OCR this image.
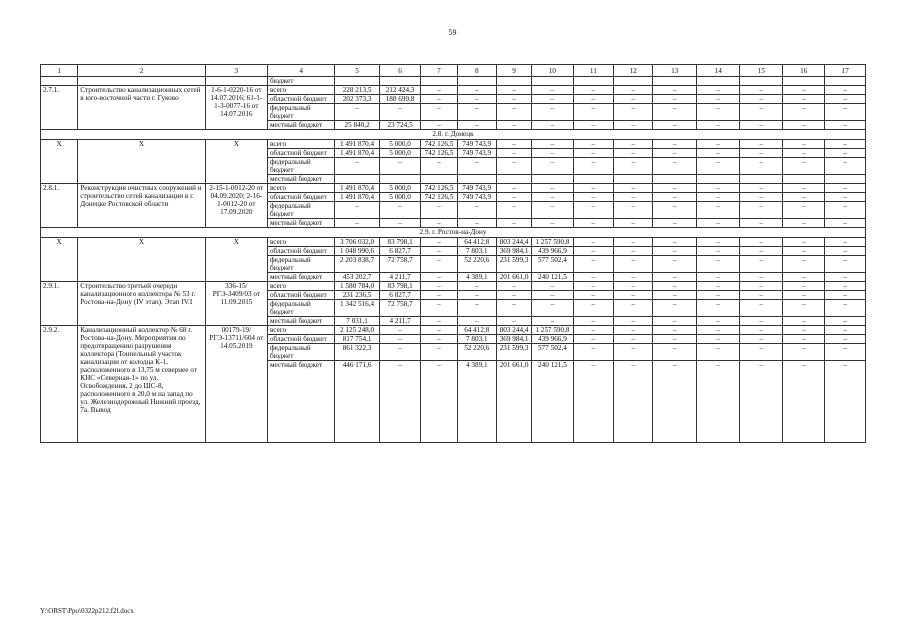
59
1	2	3	4	5	6	7	8	9	10	11	12	13	14	15	16	17
			бюджет													
2.7.1.	Строительство канализационных сетей в юго-восточной части г. Гуково	1-6-1-0220-16 от 14.07.2016; 61-1-1-3-0077-16 от 14.07.2016	всего	228 213,5	212 424,3	–	–	–	–	–	–	–	–	–	–	–
			областной бюджет	202 373,3	188 699,8	–	–	–	–	–	–	–	–	–	–	–
			федеральный бюджет	–	–	–	–	–	–	–	–	–	–	–	–	–
			местный бюджет	25 840,2	23 724,5	–	–	–	–	–	–	–	–	–	–	–
2.8. г. Донецк																
Х	Х	Х	всего	1 491 870,4	5 000,0	742 126,5	749 743,9	–	–	–	–	–	–	–	–	–
			областной бюджет	1 491 870,4	5 000,0	742 126,5	749 743,9	–	–	–	–	–	–	–	–	–
			федеральный бюджет	–	–	–	–	–	–	–	–	–	–	–	–	–
			местный бюджет													
2.8.1.	Реконструкция очистных сооружений и строительство сетей канализации в г. Донецке Ростовской области	2-15-1-0012-20 от 04.09.2020; 2-16-1-0012-20 от 17.09.2020	всего	1 491 870,4	5 000,0	742 126,5	749 743,9	–	–	–	–	–	–	–	–	–
			областной бюджет	1 491 870,4	5 000,0	742 126,5	749 743,9	–	–	–	–	–	–	–	–	–
			федеральный бюджет	–	–	–	–	–	–	–	–	–	–	–	–	–
			местный бюджет	–	–	–	–	–	–	–	–	–	–	–	–	–
2.9. г. Ростов-на-Дону																
Х	Х	Х	всего	3 706 032,0	83 798,1	–	64 412,8	803 244,4	1 257 590,8	–	–	–	–	–	–	–
			областной бюджет	1 048 990,6	6 827,7	–	7 803,1	369 984,1	439 966,9	–	–	–	–	–	–	–
			федеральный бюджет	2 203 838,7	72 758,7	–	52 220,6	231 599,3	577 502,4	–	–	–	–	–	–	–
			местный бюджет	453 202,7	4 211,7	–	4 389,1	201 661,0	240 121,5	–	–	–	–	–	–	–
2.9.1.	Строительство третьей очереди канализационного коллектора № 53 г. Ростова-на-Дону (IV этап). Этап IV.I	336-15/РГЭ-3409/03 от 11.09.2015	всего	1 580 784,0	83 798,1	–	–	–	–	–	–	–	–	–	–	–
			областной бюджет	231 236,5	6 827,7	–	–	–	–	–	–	–	–	–	–	–
			федеральный бюджет	1 342 516,4	72 758,7	–	–	–	–	–	–	–	–	–	–	–
			местный бюджет	7 031,1	4 211,7	–	–	–	–	–	–	–	–	–	–	–
2.9.2.	Канализационный коллектор № 68 г. Ростова-на-Дону. Мероприятия по предотвращению разрушения коллектора (Тоннельный участок канализации от колодца К-1, расположенного в 13,75 м севернее от КНС «Северная-1» по ул. Освобождения, 2 до ШС-8, расположенного в 20,0 м на запад по ул. Железнодорожный Нижний проезд, 7а. Вывод	00179-19/РГЭ-13711/604 от 14.05.2019	всего	2 125 248,0	–	–	64 412,8	803 244,4	1 257 590,8	–	–	–	–	–	–	–
			областной бюджет	817 754,1	–	–	7 803,1	369 984,1	439 966,9	–	–	–	–	–	–	–
			федеральный бюджет	861 322,3	–	–	52 220,6	231 599,3	577 502,4	–	–	–	–	–	–	–
			местный бюджет	446 171,6	–	–	4 389,1	201 661,0	240 121,5	–	–	–	–	–	–	–
Y:\ORST\Ppo\0322p212.f2l.docx
